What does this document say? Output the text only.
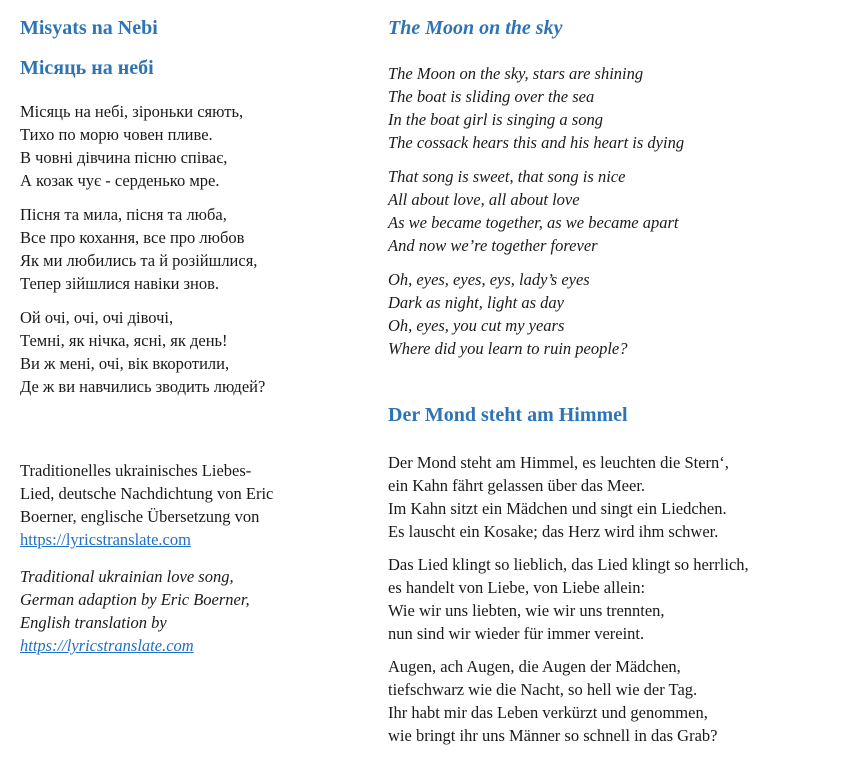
Misyats na Nebi
Місяць на небі
Місяць на небі, зіроньки сяють,
Тихо по морю човен пливе.
В човні дівчина пісню співає,
А козак чує - серденько мре.
Пісня та мила, пісня та люба,
Все про кохання, все про любов
Як ми любились та й розійшлися,
Тепер зійшлися навіки знов.
Ой очі, очі, очі дівочі,
Темні, як нічка, ясні, як день!
Ви ж мені, очі, вік вкоротили,
Де ж ви навчились зводить людей?
Traditionelles ukrainisches Liebes-
Lied, deutsche Nachdichtung von Eric
Boerner, englische Übersetzung von
https://lyricstranslate.com
Traditional ukrainian love song,
German adaption by Eric Boerner,
English translation by
https://lyricstranslate.com
The Moon on the sky
The Moon on the sky, stars are shining
The boat is sliding over the sea
In the boat girl is singing a song
The cossack hears this and his heart is dying
That song is sweet, that song is nice
All about love, all about love
As we became together, as we became apart
And now we’re together forever
Oh, eyes, eyes, eys, lady’s eyes
Dark as night, light as day
Oh, eyes, you cut my years
Where did you learn to ruin people?
Der Mond steht am Himmel
Der Mond steht am Himmel, es leuchten die Stern‘,
ein Kahn fährt gelassen über das Meer.
Im Kahn sitzt ein Mädchen und singt ein Liedchen.
Es lauscht ein Kosake; das Herz wird ihm schwer.
Das Lied klingt so lieblich, das Lied klingt so herrlich,
es handelt von Liebe, von Liebe allein:
Wie wir uns liebten, wie wir uns trennten,
nun sind wir wieder für immer vereint.
Augen, ach Augen, die Augen der Mädchen,
tiefschwarz wie die Nacht, so hell wie der Tag.
Ihr habt mir das Leben verkürzt und genommen,
wie bringt ihr uns Männer so schnell in das Grab?
